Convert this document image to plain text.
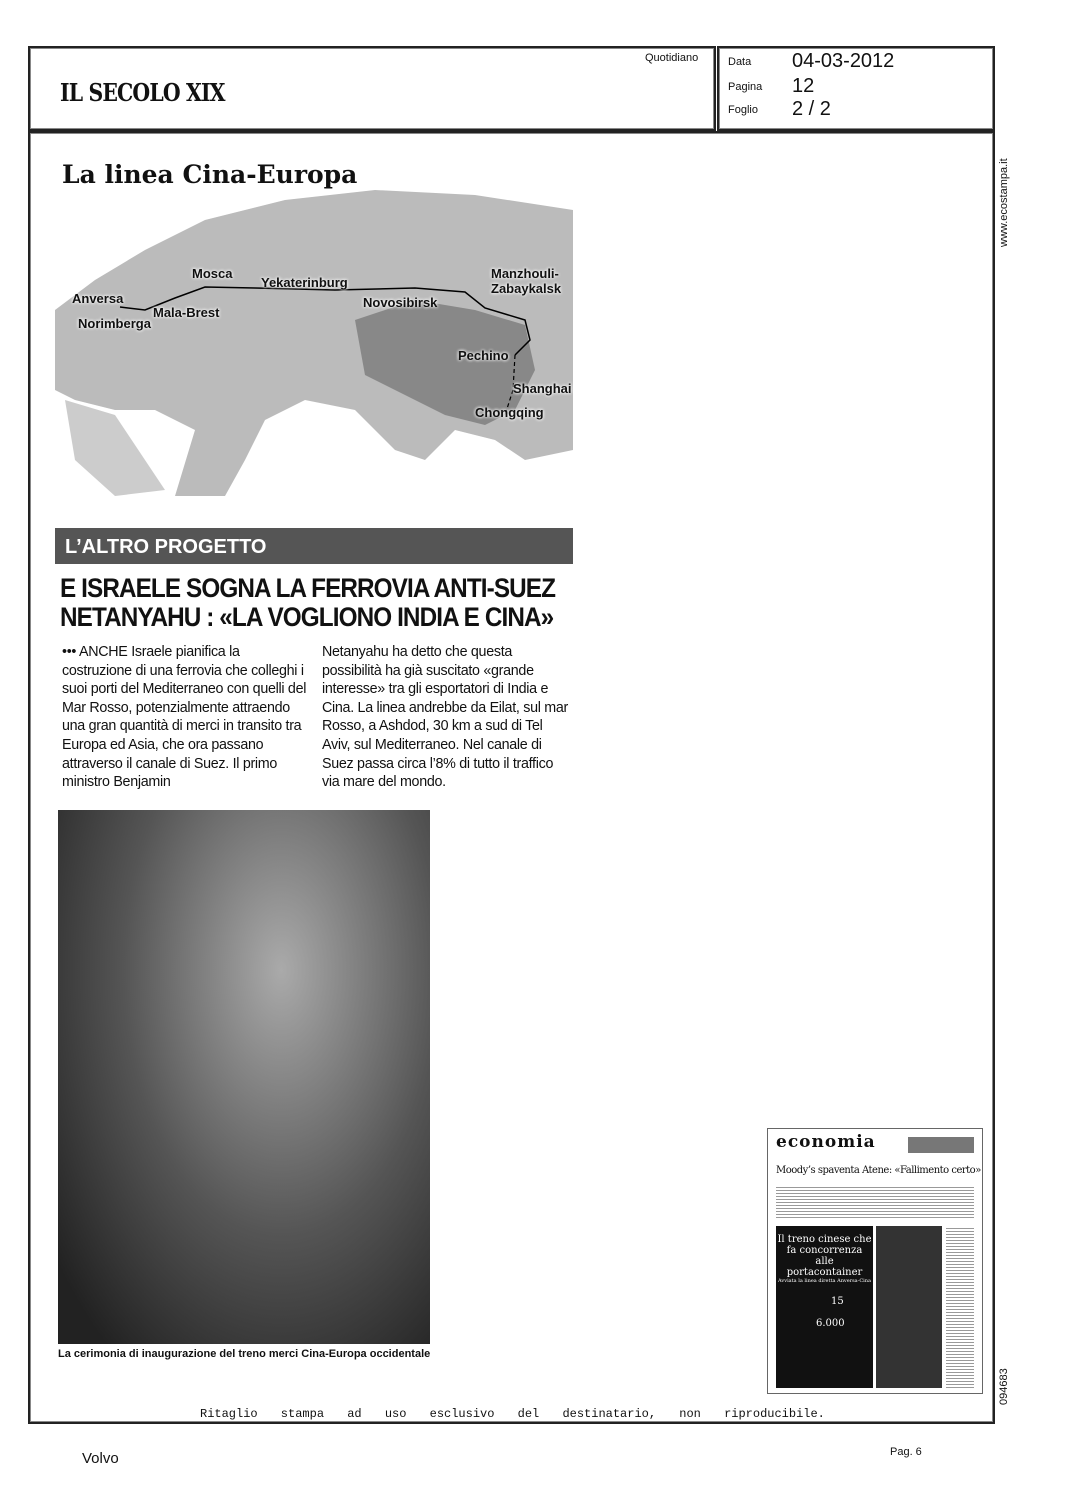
IL SECOLO XIX
Quotidiano	Data 04-03-2012
Pagina 12
Foglio 2 / 2
Anversa
Norimberga
Mala-Brest
Mosca
Yekaterinburg
Novosibirsk
Manzhouli-
Zabaykalsk
Pechino
Shanghai
Chongqing
La linea Cina-Europa
L’ALTRO PROGETTO
E ISRAELE SOGNA LA FERROVIA ANTI-SUEZ
NETANYAHU : «LA VOGLIONO INDIA E CINA»
••• ANCHE Israele pianifica la costruzione di una ferrovia che colleghi i suoi porti del Mediterraneo con quelli del Mar Rosso, potenzialmente attraendo una gran quantità di merci in transito tra Europa ed Asia, che ora passano attraverso il canale di Suez. Il primo ministro Benjamin
Netanyahu ha detto che questa possibilità ha già suscitato «grande interesse» tra gli esportatori di India e Cina. La linea andrebbe da Eilat, sul mar Rosso, a Ashdod, 30 km a sud di Tel Aviv, sul Mediterraneo. Nel canale di Suez passa circa l’8% di tutto il traffico via mare del mondo.
La cerimonia di inaugurazione del treno merci Cina-Europa occidentale
economia
Moody’s spaventa Atene: «Fallimento certo»
Il treno cinese che fa concorrenza alle portacontainer
Avviata la linea diretta Anversa-Cina
15
6.000
Ritaglio stampa ad uso esclusivo del destinatario, non riproducibile.
www.ecostampa.it
094683
Volvo	Pag. 6
